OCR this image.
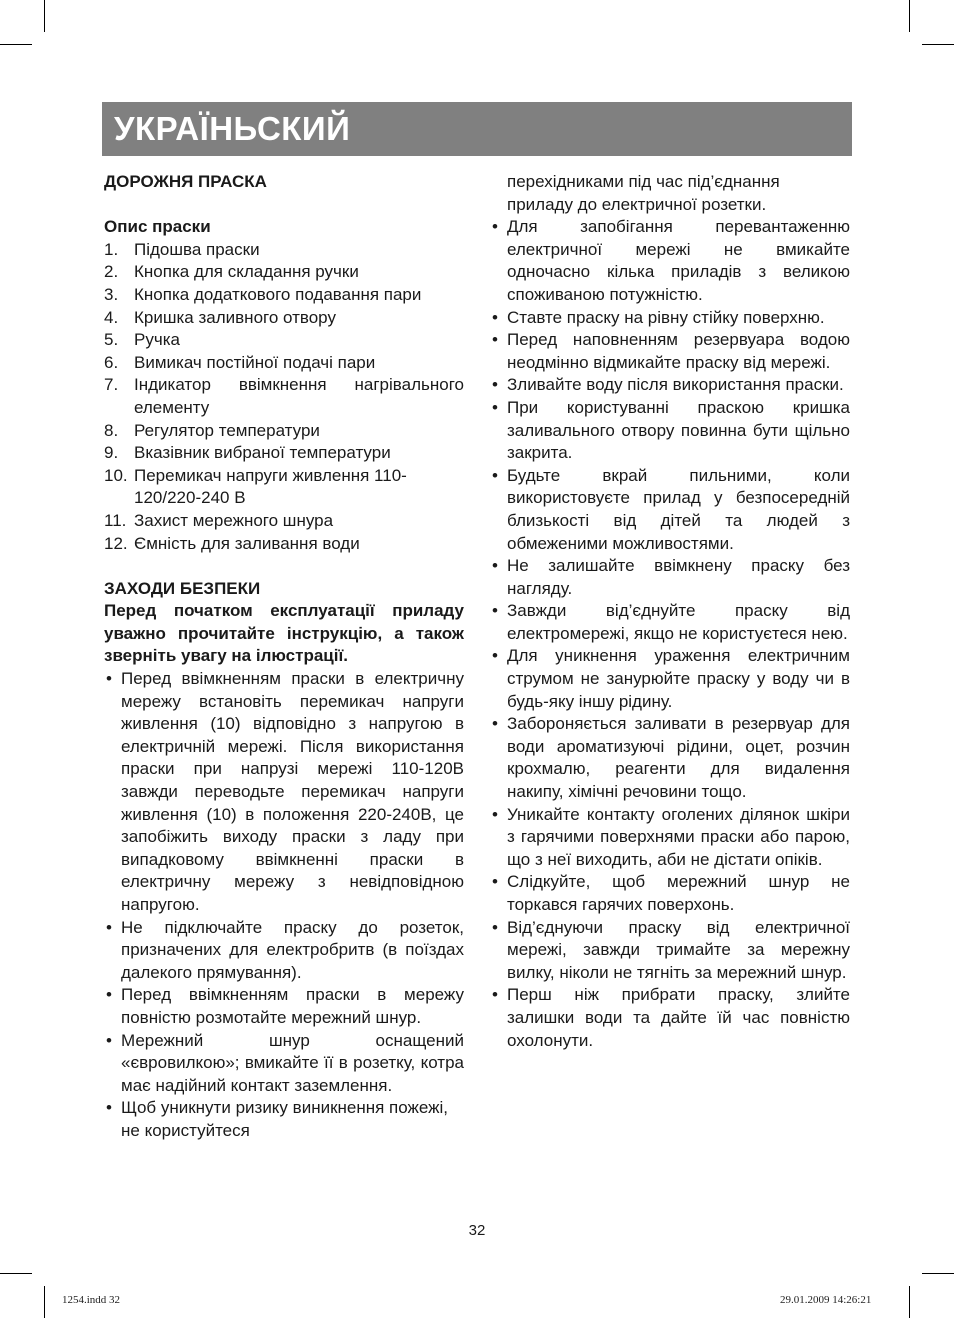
УКРАЇНЬСКИЙ

ДОРОЖНЯ ПРАСКА

Опис праски

1. Підошва праски
2. Кнопка для складання ручки
3. Кнопка додаткового подавання пари
4. Кришка заливного отвору
5. Ручка
6. Вимикач постійної подачі пари
7. Індикатор ввімкнення нагрівального елементу
8. Регулятор температури
9. Вказівник вибраної температури
10. Перемикач напруги живлення 110-120/220-240 В
11. Захист мережного шнура
12. Ємність для заливання води

ЗАХОДИ БЕЗПЕКИ

Перед початком експлуатації приладу уважно прочитайте інструкцію, а також зверніть увагу на ілюстрації.

• Перед ввімкненням праски в електричну мережу встановіть перемикач напруги живлення (10) відповідно з напругою в електричній мережі. Після використання праски при напрузі мережі 110-120В завжди переводьте перемикач напруги живлення (10) в положення 220-240В, це запобіжить виходу праски з ладу при випадковому ввімкненні праски в електричну мережу з невідповідною напругою.
• Не підключайте праску до розеток, призначених для електробритв (в поїздах далекого прямування).
• Перед ввімкненням праски в мережу повністю розмотайте мережний шнур.
• Мережний шнур оснащений «євровилкою»; вмикайте її в розетку, котра має надійний контакт заземлення.
• Щоб уникнути ризику виникнення пожежі, не користуйтеся
перехідниками під час під’єднання приладу до електричної розетки.
• Для запобігання перевантаженню електричної мережі не вмикайте одночасно кілька приладів з великою споживаною потужністю.
• Ставте праску на рівну стійку поверхню.
• Перед наповненням резервуара водою неодмінно відмикайте праску від мережі.
• Зливайте воду після використання праски.
• При користуванні праскою кришка заливального отвору повинна бути щільно закрита.
• Будьте вкрай пильними, коли використовуєте прилад у безпосередній близькості від дітей та людей з обмеженими можливостями.
• Не залишайте ввімкнену праску без нагляду.
• Завжди від’єднуйте праску від електромережі, якщо не користуєтеся нею.
• Для уникнення ураження електричним струмом не занурюйте праску у воду чи в будь-яку іншу рідину.
• Забороняється заливати в резервуар для води ароматизуючі рідини, оцет, розчин крохмалю, реагенти для видалення накипу, хімічні речовини тощо.
• Уникайте контакту оголених ділянок шкіри з гарячими поверхнями праски або парою, що з неї виходить, аби не дістати опіків.
• Слідкуйте, щоб мережний шнур не торкався гарячих поверхонь.
• Від’єднуючи праску від електричної мережі, завжди тримайте за мережну вилку, ніколи не тягніть за мережний шнур.
• Перш ніж прибрати праску, злийте залишки води та дайте їй час повністю охолонути.
32
1254.indd 32	29.01.2009 14:26:21
